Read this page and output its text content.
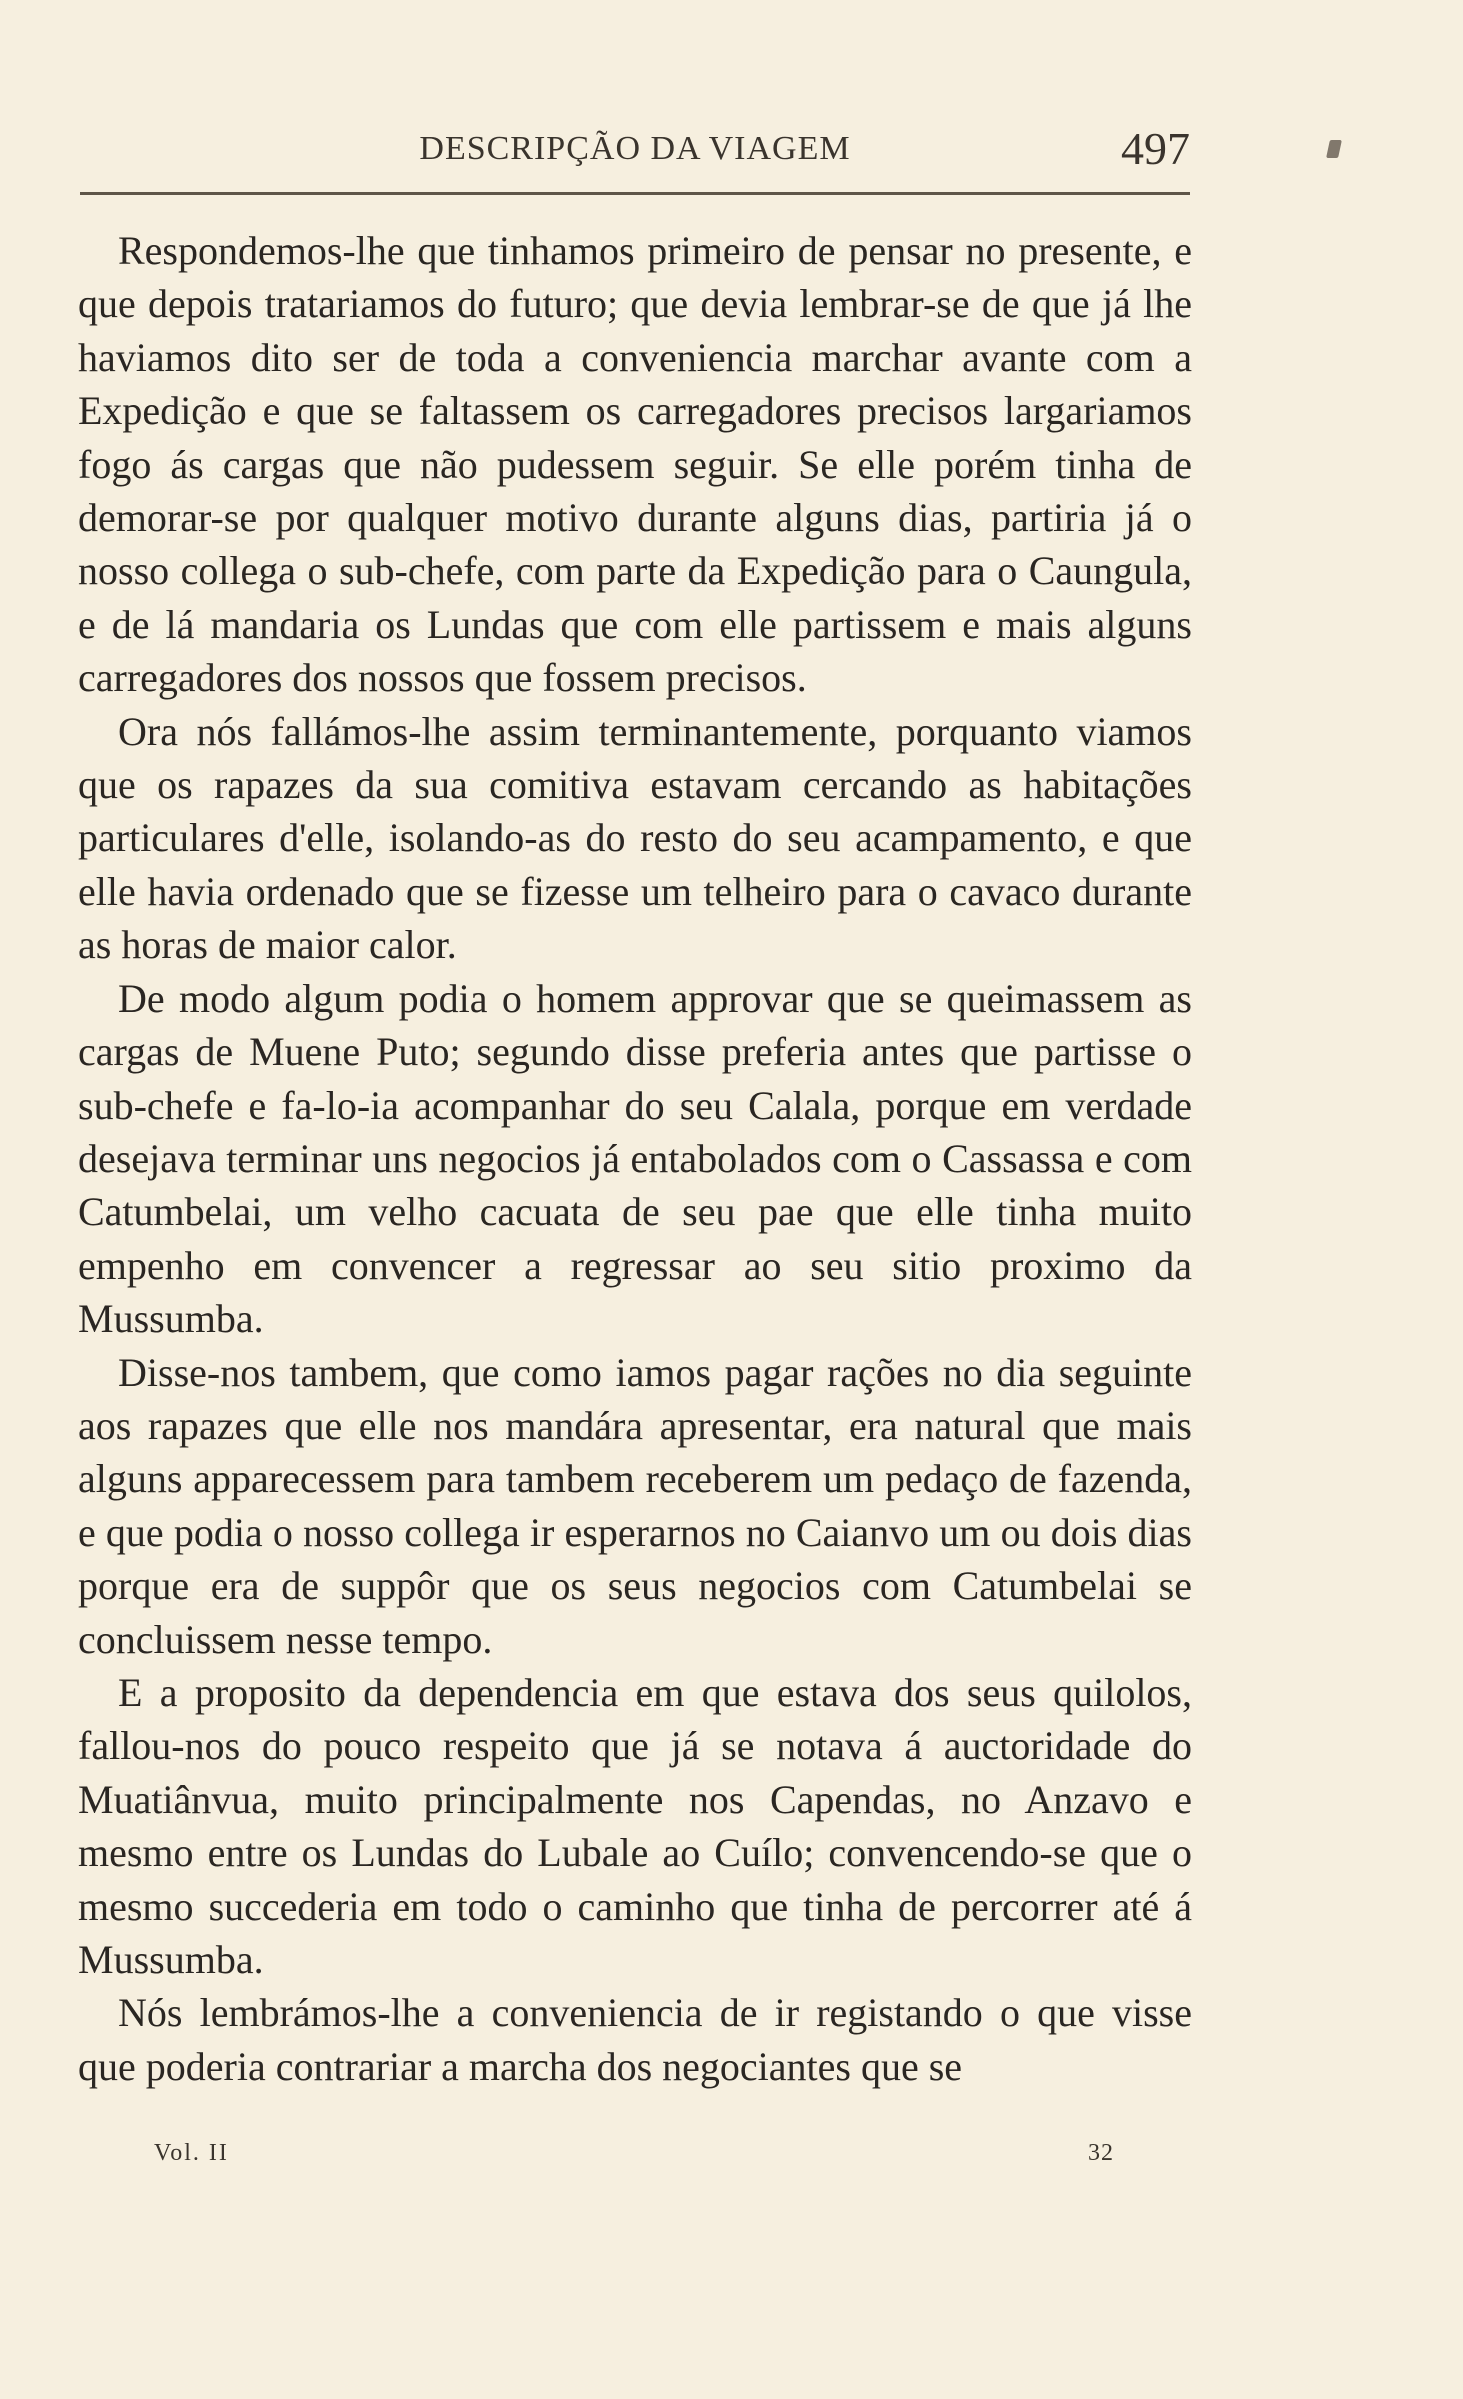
DESCRIPÇÃO DA VIAGEM	497

Respondemos-lhe que tinhamos primeiro de pensar no presente, e que depois tratariamos do futuro; que devia lembrar-se de que já lhe haviamos dito ser de toda a conveniencia marchar avante com a Expedição e que se faltassem os carregadores precisos largariamos fogo ás cargas que não pudessem seguir. Se elle porém tinha de demorar-se por qualquer motivo durante alguns dias, partiria já o nosso collega o sub-chefe, com parte da Expedição para o Caungula, e de lá mandaria os Lundas que com elle partissem e mais alguns carregadores dos nossos que fossem precisos.

Ora nós fallámos-lhe assim terminantemente, porquanto viamos que os rapazes da sua comitiva estavam cercando as habitações particulares d'elle, isolando-as do resto do seu acampamento, e que elle havia ordenado que se fizesse um telheiro para o cavaco durante as horas de maior calor.

De modo algum podia o homem approvar que se queimassem as cargas de Muene Puto; segundo disse preferia antes que partisse o sub-chefe e fa-lo-ia acompanhar do seu Calala, porque em verdade desejava terminar uns negocios já entabolados com o Cassassa e com Catumbelai, um velho cacuata de seu pae que elle tinha muito empenho em convencer a regressar ao seu sitio proximo da Mussumba.

Disse-nos tambem, que como iamos pagar rações no dia seguinte aos rapazes que elle nos mandára apresentar, era natural que mais alguns apparecessem para tambem receberem um pedaço de fazenda, e que podia o nosso collega ir esperarnos no Caianvo um ou dois dias porque era de suppôr que os seus negocios com Catumbelai se concluissem nesse tempo.

E a proposito da dependencia em que estava dos seus quilolos, fallou-nos do pouco respeito que já se notava á auctoridade do Muatiânvua, muito principalmente nos Capendas, no Anzavo e mesmo entre os Lundas do Lubale ao Cuílo; convencendo-se que o mesmo succederia em todo o caminho que tinha de percorrer até á Mussumba.

Nós lembrámos-lhe a conveniencia de ir registando o que visse que poderia contrariar a marcha dos negociantes que se

Vol. II	32
